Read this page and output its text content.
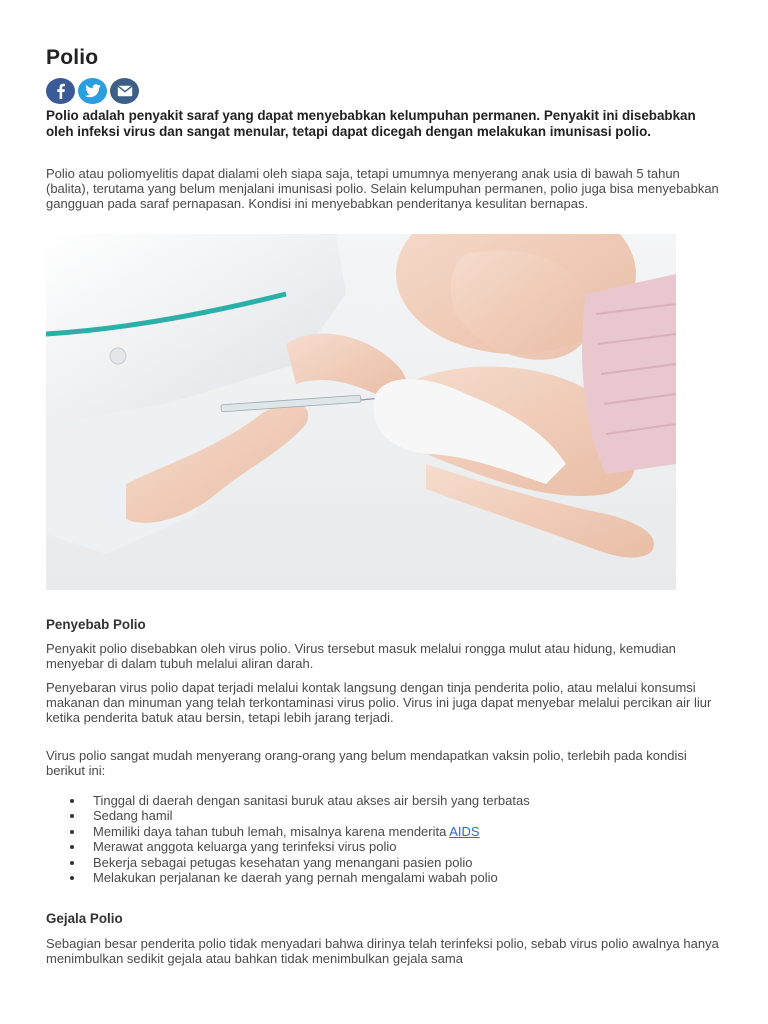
Polio

Polio adalah penyakit saraf yang dapat menyebabkan kelumpuhan permanen. Penyakit ini disebabkan oleh infeksi virus dan sangat menular, tetapi dapat dicegah dengan melakukan imunisasi polio.

Polio atau poliomyelitis dapat dialami oleh siapa saja, tetapi umumnya menyerang anak usia di bawah 5 tahun (balita), terutama yang belum menjalani imunisasi polio. Selain kelumpuhan permanen, polio juga bisa menyebabkan gangguan pada saraf pernapasan. Kondisi ini menyebabkan penderitanya kesulitan bernapas.

Penyebab Polio

Penyakit polio disebabkan oleh virus polio. Virus tersebut masuk melalui rongga mulut atau hidung, kemudian menyebar di dalam tubuh melalui aliran darah.

Penyebaran virus polio dapat terjadi melalui kontak langsung dengan tinja penderita polio, atau melalui konsumsi makanan dan minuman yang telah terkontaminasi virus polio. Virus ini juga dapat menyebar melalui percikan air liur ketika penderita batuk atau bersin, tetapi lebih jarang terjadi.

Virus polio sangat mudah menyerang orang-orang yang belum mendapatkan vaksin polio, terlebih pada kondisi berikut ini:

Tinggal di daerah dengan sanitasi buruk atau akses air bersih yang terbatas
Sedang hamil
Memiliki daya tahan tubuh lemah, misalnya karena menderita AIDS
Merawat anggota keluarga yang terinfeksi virus polio
Bekerja sebagai petugas kesehatan yang menangani pasien polio
Melakukan perjalanan ke daerah yang pernah mengalami wabah polio
Gejala Polio

Sebagian besar penderita polio tidak menyadari bahwa dirinya telah terinfeksi polio, sebab virus polio awalnya hanya menimbulkan sedikit gejala atau bahkan tidak menimbulkan gejala sama
